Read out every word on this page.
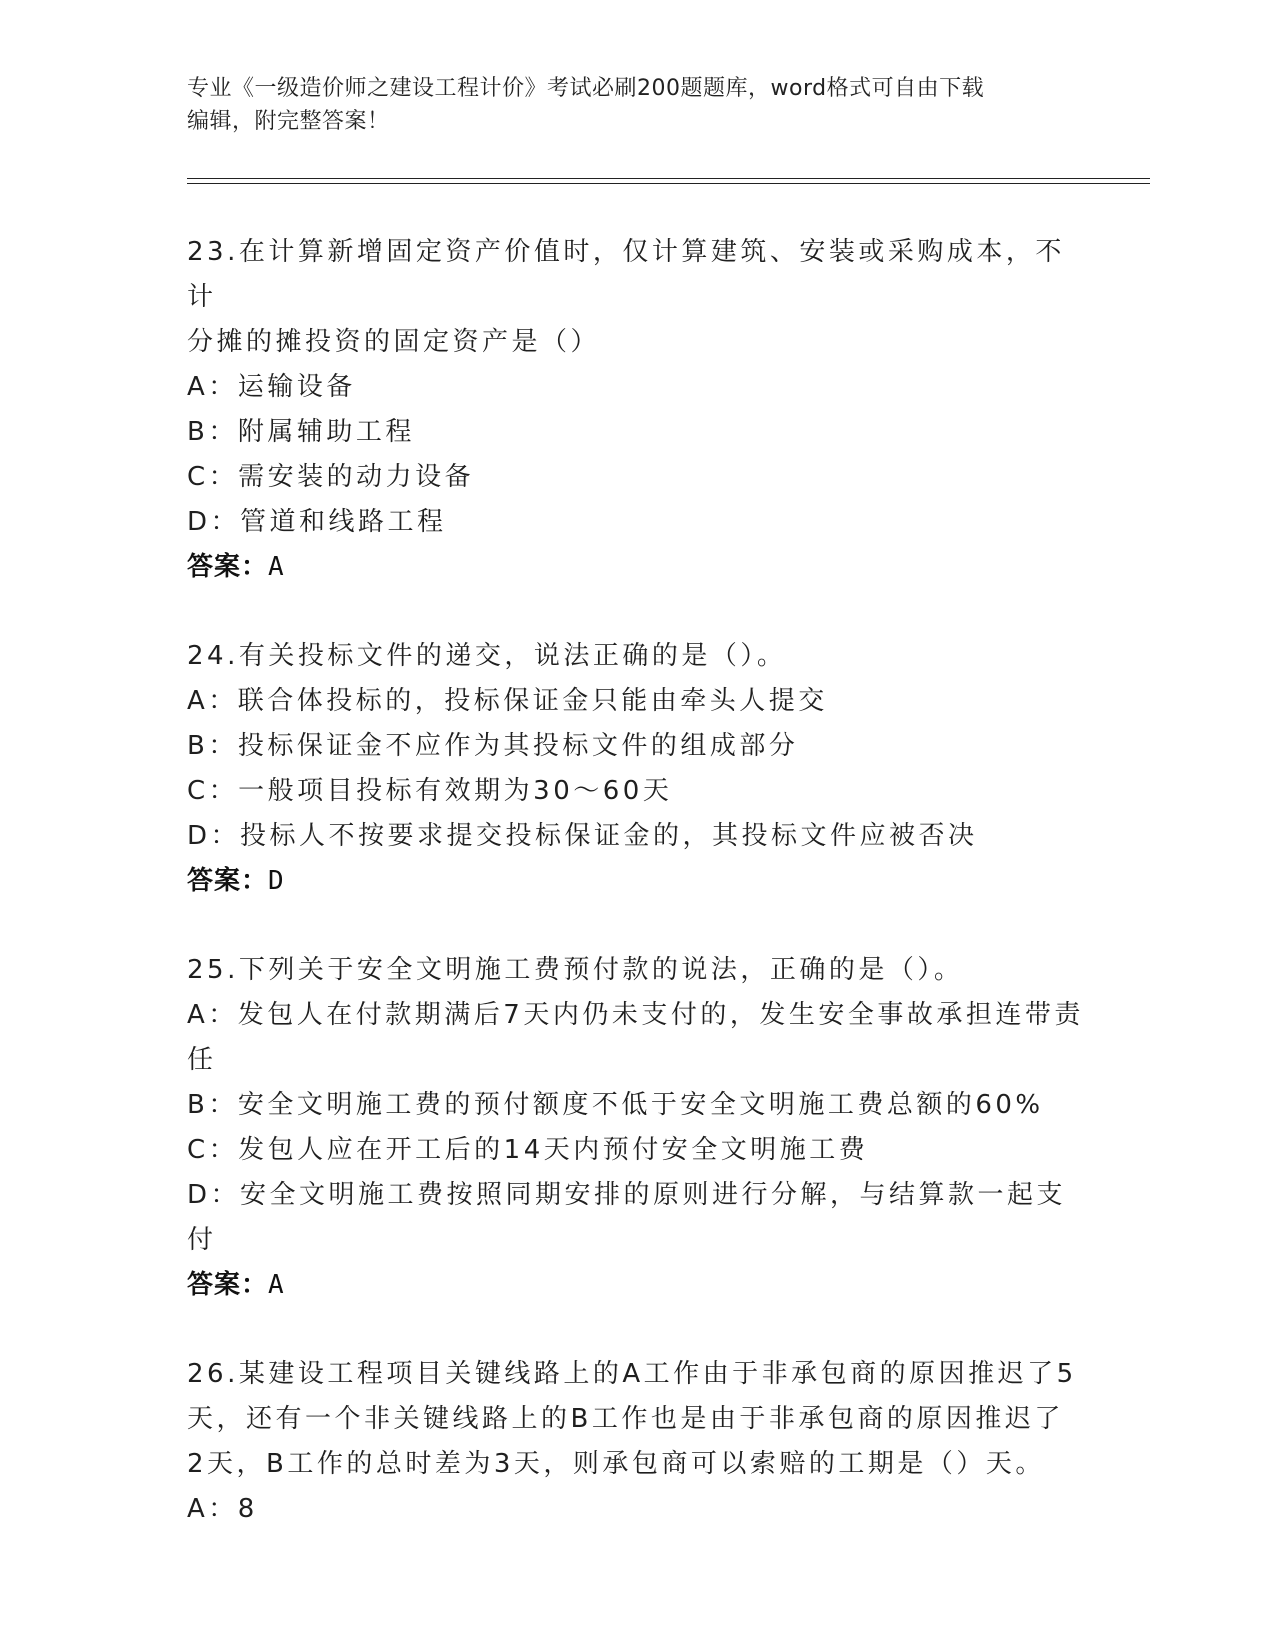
专业《一级造价师之建设工程计价》考试必刷200题题库，word格式可自由下载
编辑，附完整答案！
23.在计算新增固定资产价值时，仅计算建筑、安装或采购成本，不计
分摊的摊投资的固定资产是（）
A：运输设备
B：附属辅助工程
C：需安装的动力设备
D：管道和线路工程
答案：A
24.有关投标文件的递交，说法正确的是（）。
A：联合体投标的，投标保证金只能由牵头人提交
B：投标保证金不应作为其投标文件的组成部分
C：一般项目投标有效期为30～60天
D：投标人不按要求提交投标保证金的，其投标文件应被否决
答案：D
25.下列关于安全文明施工费预付款的说法，正确的是（）。
A：发包人在付款期满后7天内仍未支付的，发生安全事故承担连带责
任
B：安全文明施工费的预付额度不低于安全文明施工费总额的60%
C：发包人应在开工后的14天内预付安全文明施工费
D：安全文明施工费按照同期安排的原则进行分解，与结算款一起支付
答案：A
26.某建设工程项目关键线路上的A工作由于非承包商的原因推迟了5
天，还有一个非关键线路上的B工作也是由于非承包商的原因推迟了
2天，B工作的总时差为3天，则承包商可以索赔的工期是（）天。
A：8
